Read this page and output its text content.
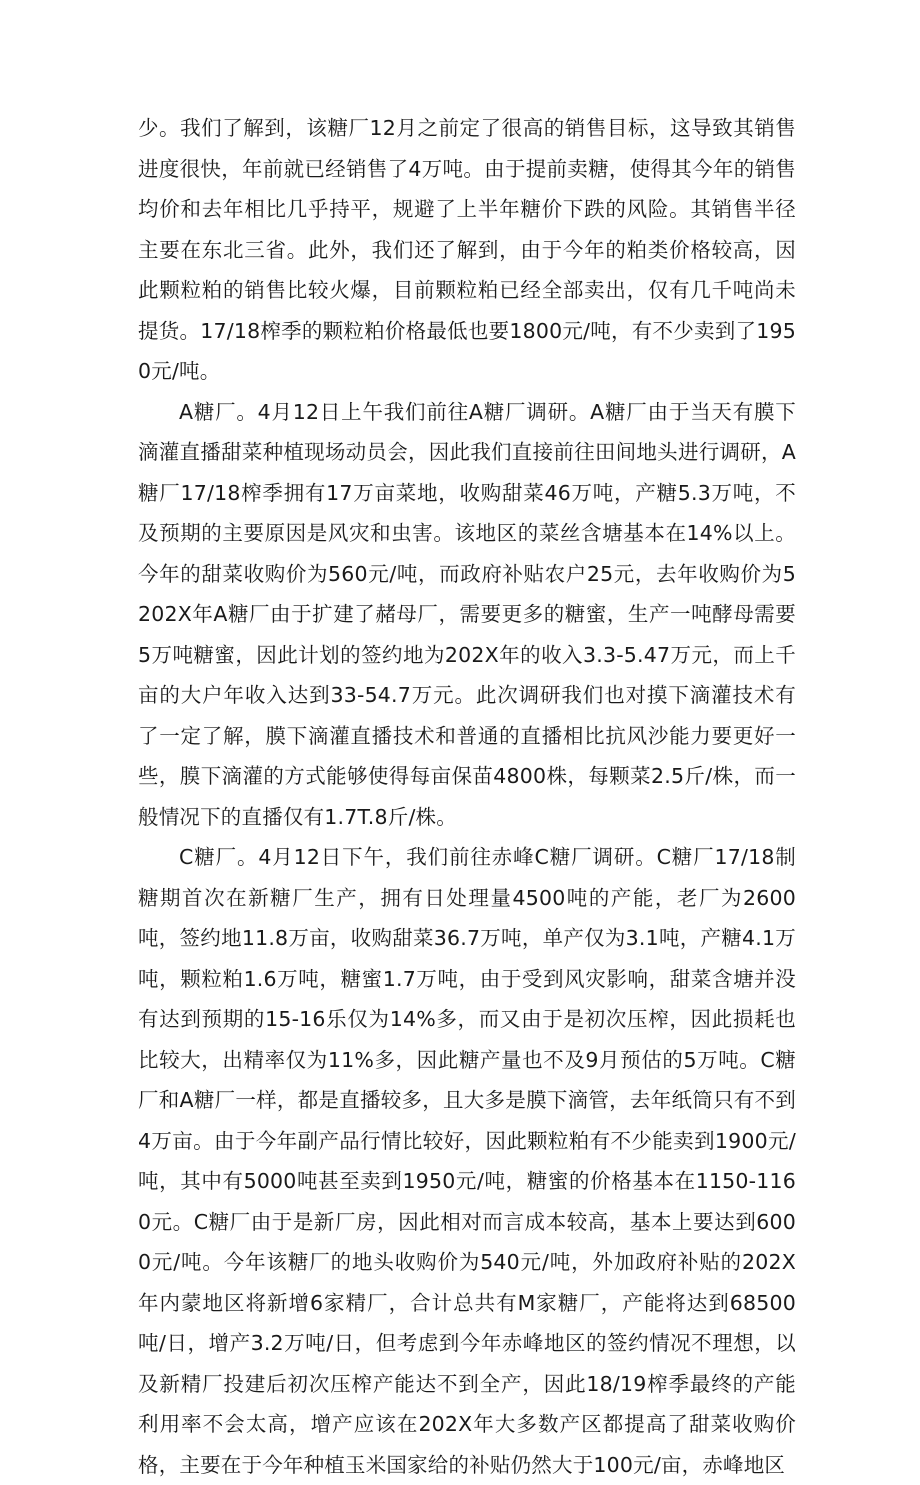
少。我们了解到，该糖厂12月之前定了很高的销售目标，这导致其销售进度很快，年前就已经销售了4万吨。由于提前卖糖，使得其今年的销售均价和去年相比几乎持平，规避了上半年糖价下跌的风险。其销售半径主要在东北三省。此外，我们还了解到，由于今年的粕类价格较高，因此颗粒粕的销售比较火爆，目前颗粒粕已经全部卖出，仅有几千吨尚未提货。17/18榨季的颗粒粕价格最低也要1800元/吨，有不少卖到了1950元/吨。

A糖厂。4月12日上午我们前往A糖厂调研。A糖厂由于当天有膜下滴灌直播甜菜种植现场动员会，因此我们直接前往田间地头进行调研，A糖厂17/18榨季拥有17万亩菜地，收购甜菜46万吨，产糖5.3万吨，不及预期的主要原因是风灾和虫害。该地区的菜丝含塘基本在14%以上。今年的甜菜收购价为560元/吨，而政府补贴农户25元，去年收购价为5202X年A糖厂由于扩建了赭母厂，需要更多的糖蜜，生产一吨酵母需要5万吨糖蜜，因此计划的签约地为202X年的收入3.3-5.47万元，而上千亩的大户年收入达到33-54.7万元。此次调研我们也对摸下滴灌技术有了一定了解，膜下滴灌直播技术和普通的直播相比抗风沙能力要更好一些，膜下滴灌的方式能够使得每亩保苗4800株，每颗菜2.5斤/株，而一般情况下的直播仅有1.7T.8斤/株。

C糖厂。4月12日下午，我们前往赤峰C糖厂调研。C糖厂17/18制糖期首次在新糖厂生产，拥有日处理量4500吨的产能，老厂为2600吨，签约地11.8万亩，收购甜菜36.7万吨，单产仅为3.1吨，产糖4.1万吨，颗粒粕1.6万吨，糖蜜1.7万吨，由于受到风灾影响，甜菜含塘并没有达到预期的15-16乐仅为14%多，而又由于是初次压榨，因此损耗也比较大，出精率仅为11%多，因此糖产量也不及9月预估的5万吨。C糖厂和A糖厂一样，都是直播较多，且大多是膜下滴管，去年纸筒只有不到4万亩。由于今年副产品行情比较好，因此颗粒粕有不少能卖到1900元/吨，其中有5000吨甚至卖到1950元/吨，糖蜜的价格基本在1150-1160元。C糖厂由于是新厂房，因此相对而言成本较高，基本上要达到6000元/吨。今年该糖厂的地头收购价为540元/吨，外加政府补贴的202X年内蒙地区将新增6家精厂，合计总共有M家糖厂，产能将达到68500吨/日，增产3.2万吨/日，但考虑到今年赤峰地区的签约情况不理想，以及新精厂投建后初次压榨产能达不到全产，因此18/19榨季最终的产能利用率不会太高，增产应该在202X年大多数产区都提高了甜菜收购价格，主要在于今年种植玉米国家给的补贴仍然大于100元/亩，赤峰地区
